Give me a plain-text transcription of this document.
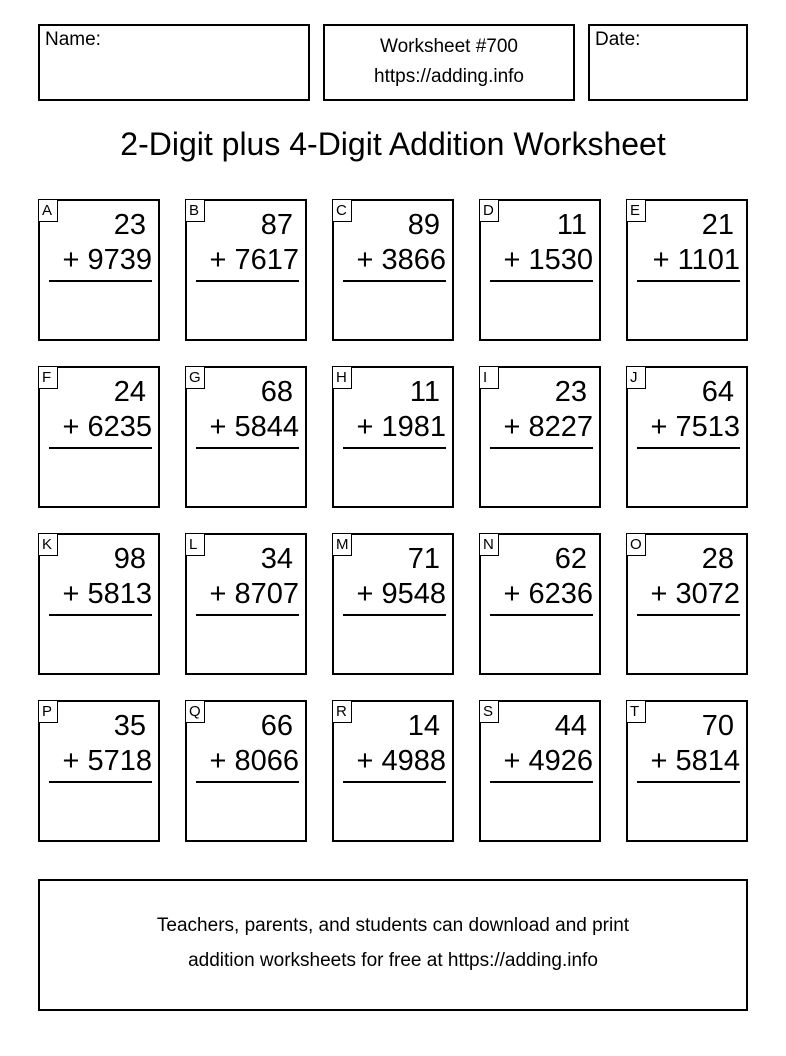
Name:	Worksheet #700
https://adding.info
Date:
2-Digit plus 4-Digit Addition Worksheet
A 23
+ 9739
B 87
+ 7617
C 89
+ 3866
D 11
+ 1530
E 21
+ 1101
F 24
+ 6235
G 68
+ 5844
H 11
+ 1981
I	23
+ 8227
J 64
+ 7513
K 98
+ 5813
L 34
+ 8707
M 71
+ 9548
N 62
+ 6236
O 28
+ 3072
P 35
+ 5718
Q 66
+ 8066
R 14
+ 4988
S 44
+ 4926
T 70
+ 5814
Teachers, parents, and students can download and print
addition worksheets for free at https://adding.info
